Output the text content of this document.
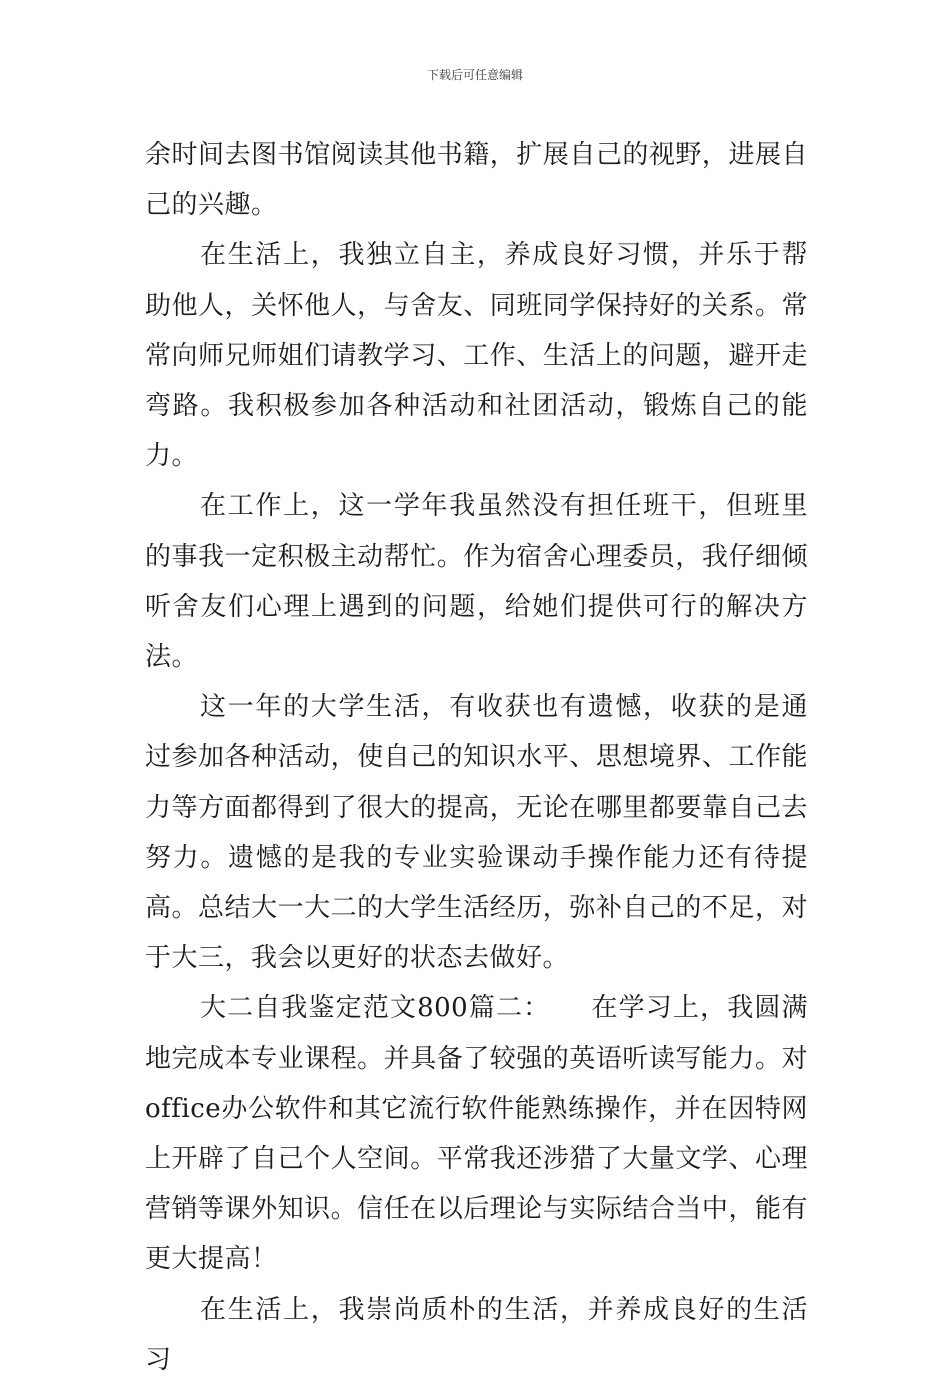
下载后可任意编辑

余时间去图书馆阅读其他书籍，扩展自己的视野，进展自己的兴趣。

在生活上，我独立自主，养成良好习惯，并乐于帮助他人，关怀他人，与舍友、同班同学保持好的关系。常常向师兄师姐们请教学习、工作、生活上的问题，避开走弯路。我积极参加各种活动和社团活动，锻炼自己的能力。

在工作上，这一学年我虽然没有担任班干，但班里的事我一定积极主动帮忙。作为宿舍心理委员，我仔细倾听舍友们心理上遇到的问题，给她们提供可行的解决方法。

这一年的大学生活，有收获也有遗憾，收获的是通过参加各种活动，使自己的知识水平、思想境界、工作能力等方面都得到了很大的提高，无论在哪里都要靠自己去努力。遗憾的是我的专业实验课动手操作能力还有待提高。总结大一大二的大学生活经历，弥补自己的不足，对于大三，我会以更好的状态去做好。

大二自我鉴定范文800篇二：　　在学习上，我圆满地完成本专业课程。并具备了较强的英语听读写能力。对office办公软件和其它流行软件能熟练操作，并在因特网上开辟了自己个人空间。平常我还涉猎了大量文学、心理营销等课外知识。信任在以后理论与实际结合当中，能有更大提高！

在生活上，我崇尚质朴的生活，并养成良好的生活习
